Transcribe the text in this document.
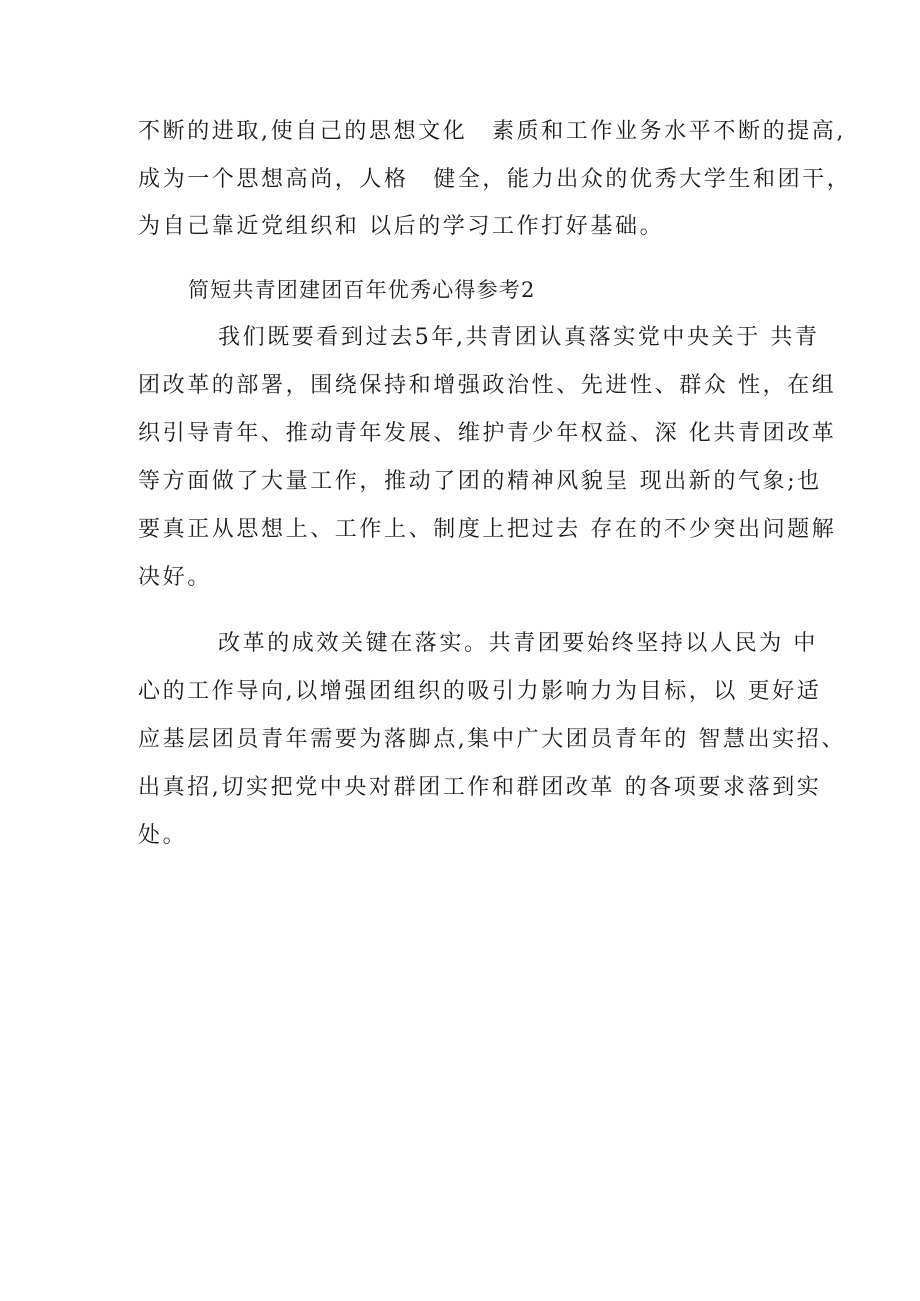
不断的进取,使自己的思想文化　素质和工作业务水平不断的提高,
成为一个思想高尚，人格　健全，能力出众的优秀大学生和团干，
为自己靠近党组织和 以后的学习工作打好基础。
简短共青团建团百年优秀心得参考2
我们既要看到过去5年,共青团认真落实党中央关于 共青
团改革的部署，围绕保持和增强政治性、先进性、群众 性，在组
织引导青年、推动青年发展、维护青少年权益、深 化共青团改革
等方面做了大量工作，推动了团的精神风貌呈 现出新的气象;也
要真正从思想上、工作上、制度上把过去 存在的不少突出问题解
决好。
改革的成效关键在落实。共青团要始终坚持以人民为 中
心的工作导向,以增强团组织的吸引力影响力为目标，以 更好适
应基层团员青年需要为落脚点,集中广大团员青年的 智慧出实招、
出真招,切实把党中央对群团工作和群团改革 的各项要求落到实
处。
